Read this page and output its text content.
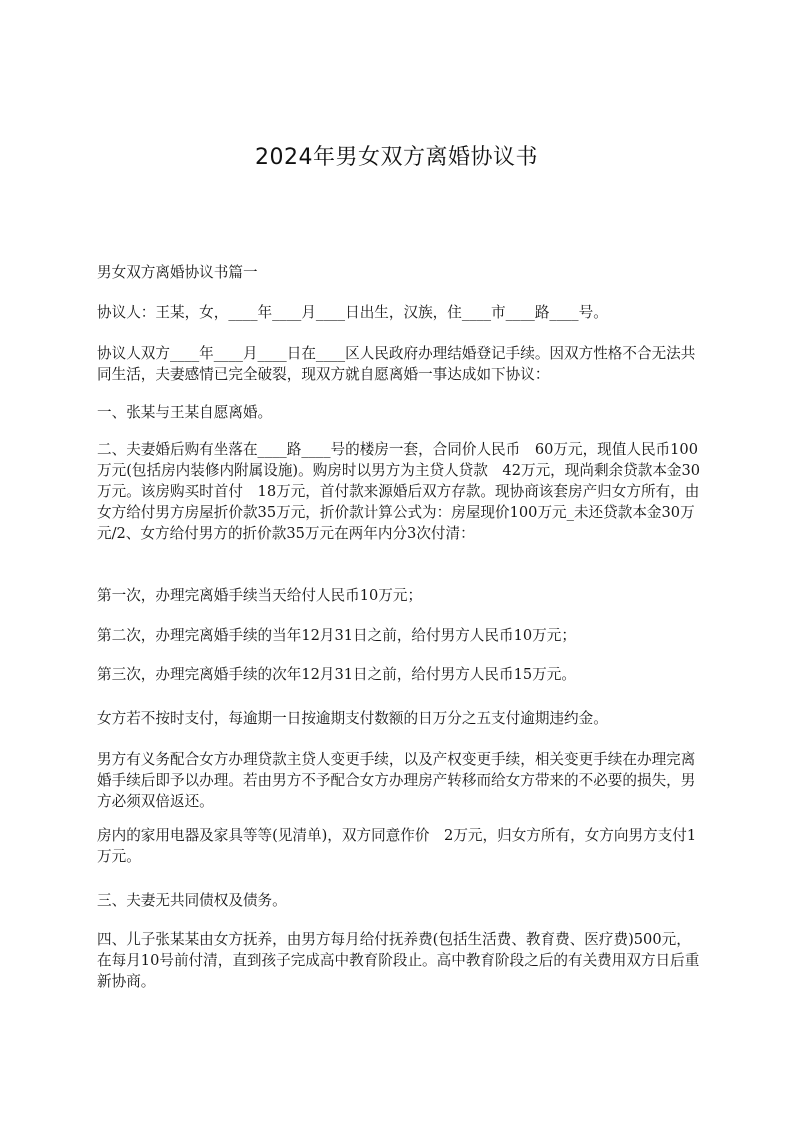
2024年男女双方离婚协议书
男女双方离婚协议书篇一
协议人：王某，女，____年____月____日出生，汉族，住____市____路____号。
协议人双方____年____月____日在____区人民政府办理结婚登记手续。因双方性格不合无法共同生活，夫妻感情已完全破裂，现双方就自愿离婚一事达成如下协议：
一、张某与王某自愿离婚。
二、夫妻婚后购有坐落在____路____号的楼房一套，合同价人民币　60万元，现值人民币100万元(包括房内装修内附属设施)。购房时以男方为主贷人贷款　42万元，现尚剩余贷款本金30万元。该房购买时首付　18万元，首付款来源婚后双方存款。现协商该套房产归女方所有，由女方给付男方房屋折价款35万元，折价款计算公式为：房屋现价100万元_未还贷款本金30万元/2、女方给付男方的折价款35万元在两年内分3次付清：
第一次，办理完离婚手续当天给付人民币10万元；
第二次，办理完离婚手续的当年12月31日之前，给付男方人民币10万元；
第三次，办理完离婚手续的次年12月31日之前，给付男方人民币15万元。
女方若不按时支付，每逾期一日按逾期支付数额的日万分之五支付逾期违约金。
男方有义务配合女方办理贷款主贷人变更手续，以及产权变更手续，相关变更手续在办理完离婚手续后即予以办理。若由男方不予配合女方办理房产转移而给女方带来的不必要的损失，男方必须双倍返还。
房内的家用电器及家具等等(见清单)，双方同意作价　2万元，归女方所有，女方向男方支付1万元。
三、夫妻无共同债权及债务。
四、儿子张某某由女方抚养，由男方每月给付抚养费(包括生活费、教育费、医疗费)500元，在每月10号前付清，直到孩子完成高中教育阶段止。高中教育阶段之后的有关费用双方日后重新协商。
